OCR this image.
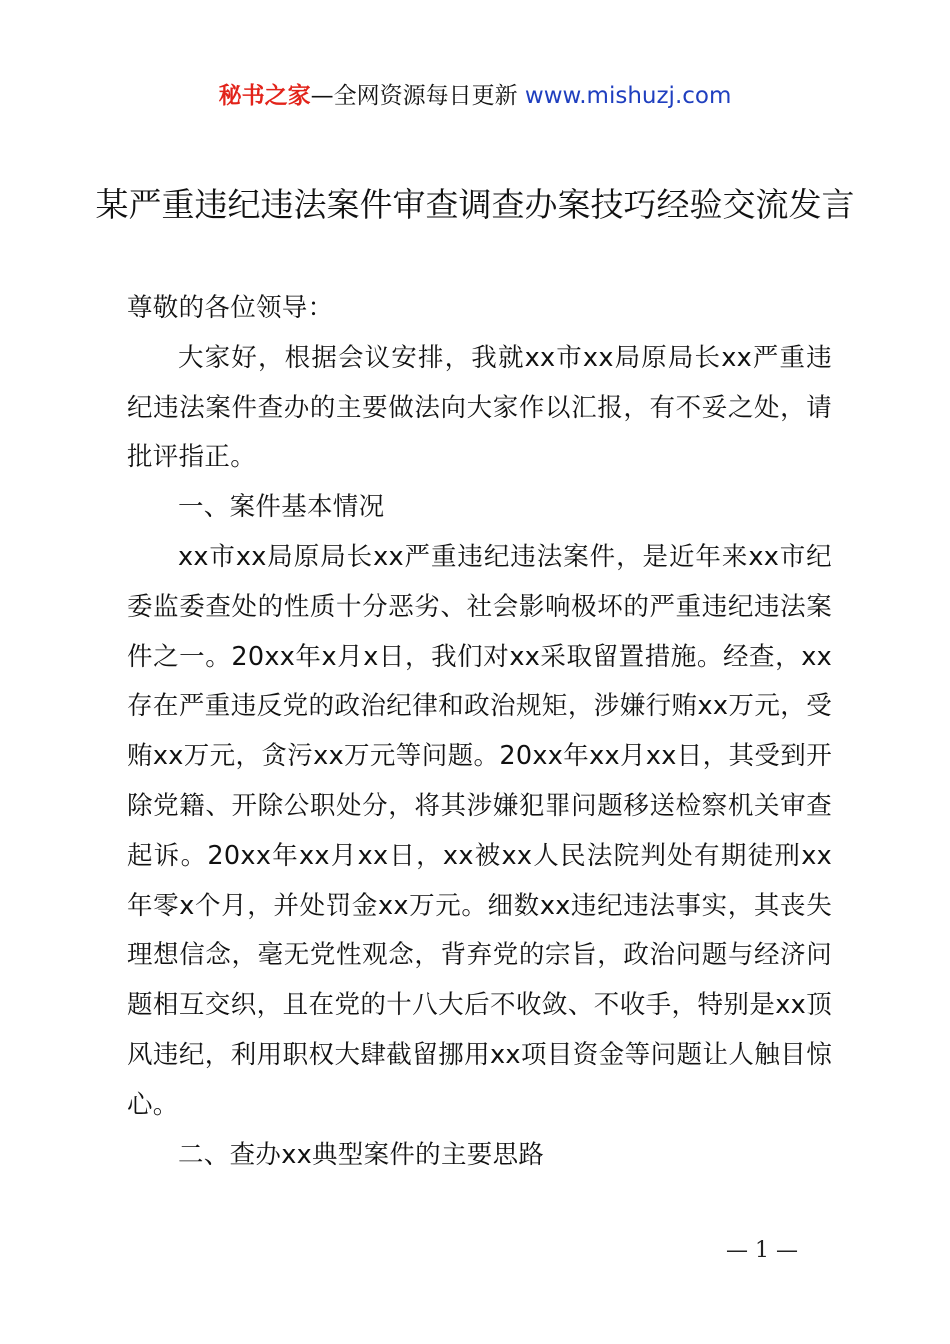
秘书之家—全网资源每日更新 www.mishuzj.com
某严重违纪违法案件审查调查办案技巧经验交流发言

尊敬的各位领导：

大家好，根据会议安排，我就xx市xx局原局长xx严重违纪违法案件查办的主要做法向大家作以汇报，有不妥之处，请批评指正。

一、案件基本情况

xx市xx局原局长xx严重违纪违法案件，是近年来xx市纪委监委查处的性质十分恶劣、社会影响极坏的严重违纪违法案件之一。20xx年x月x日，我们对xx采取留置措施。经查，xx存在严重违反党的政治纪律和政治规矩，涉嫌行贿xx万元，受贿xx万元，贪污xx万元等问题。20xx年xx月xx日，其受到开除党籍、开除公职处分，将其涉嫌犯罪问题移送检察机关审查起诉。20xx年xx月xx日，xx被xx人民法院判处有期徒刑xx年零x个月，并处罚金xx万元。细数xx违纪违法事实，其丧失理想信念，毫无党性观念，背弃党的宗旨，政治问题与经济问题相互交织，且在党的十八大后不收敛、不收手，特别是xx顶风违纪，利用职权大肆截留挪用xx项目资金等问题让人触目惊心。

二、查办xx典型案件的主要思路

— 1 —
